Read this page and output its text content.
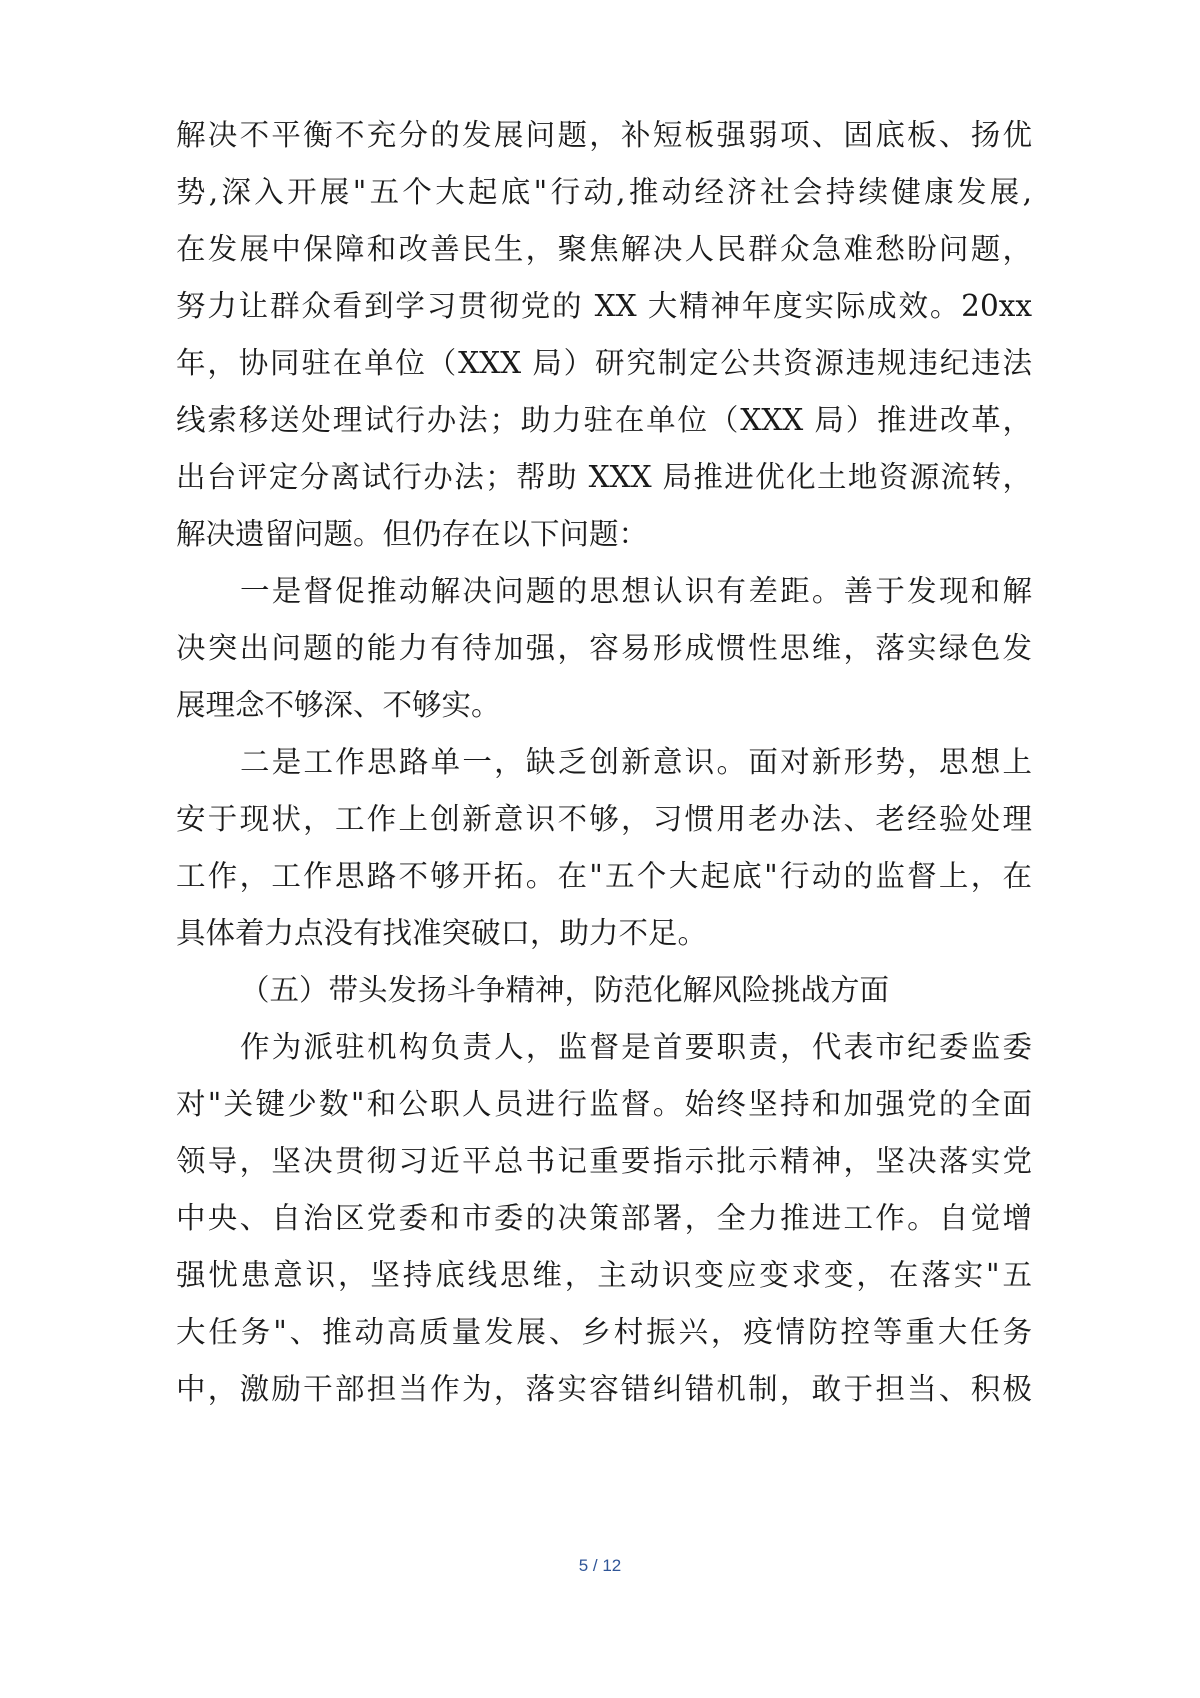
解决不平衡不充分的发展问题，补短板强弱项、固底板、扬优
势,深入开展"五个大起底"行动,推动经济社会持续健康发展,
在发展中保障和改善民生，聚焦解决人民群众急难愁盼问题，
努力让群众看到学习贯彻党的 XX 大精神年度实际成效。20xx
年，协同驻在单位（XXX 局）研究制定公共资源违规违纪违法
线索移送处理试行办法；助力驻在单位（XXX 局）推进改革，
出台评定分离试行办法；帮助 XXX 局推进优化土地资源流转，
解决遗留问题。但仍存在以下问题：
一是督促推动解决问题的思想认识有差距。善于发现和解
决突出问题的能力有待加强，容易形成惯性思维，落实绿色发
展理念不够深、不够实。
二是工作思路单一，缺乏创新意识。面对新形势，思想上
安于现状，工作上创新意识不够，习惯用老办法、老经验处理
工作，工作思路不够开拓。在"五个大起底"行动的监督上，在
具体着力点没有找准突破口，助力不足。
（五）带头发扬斗争精神，防范化解风险挑战方面
作为派驻机构负责人，监督是首要职责，代表市纪委监委
对"关键少数"和公职人员进行监督。始终坚持和加强党的全面
领导，坚决贯彻习近平总书记重要指示批示精神，坚决落实党
中央、自治区党委和市委的决策部署，全力推进工作。自觉增
强忧患意识，坚持底线思维，主动识变应变求变，在落实"五
大任务"、推动高质量发展、乡村振兴，疫情防控等重大任务
中，激励干部担当作为，落实容错纠错机制，敢于担当、积极
5 / 12
